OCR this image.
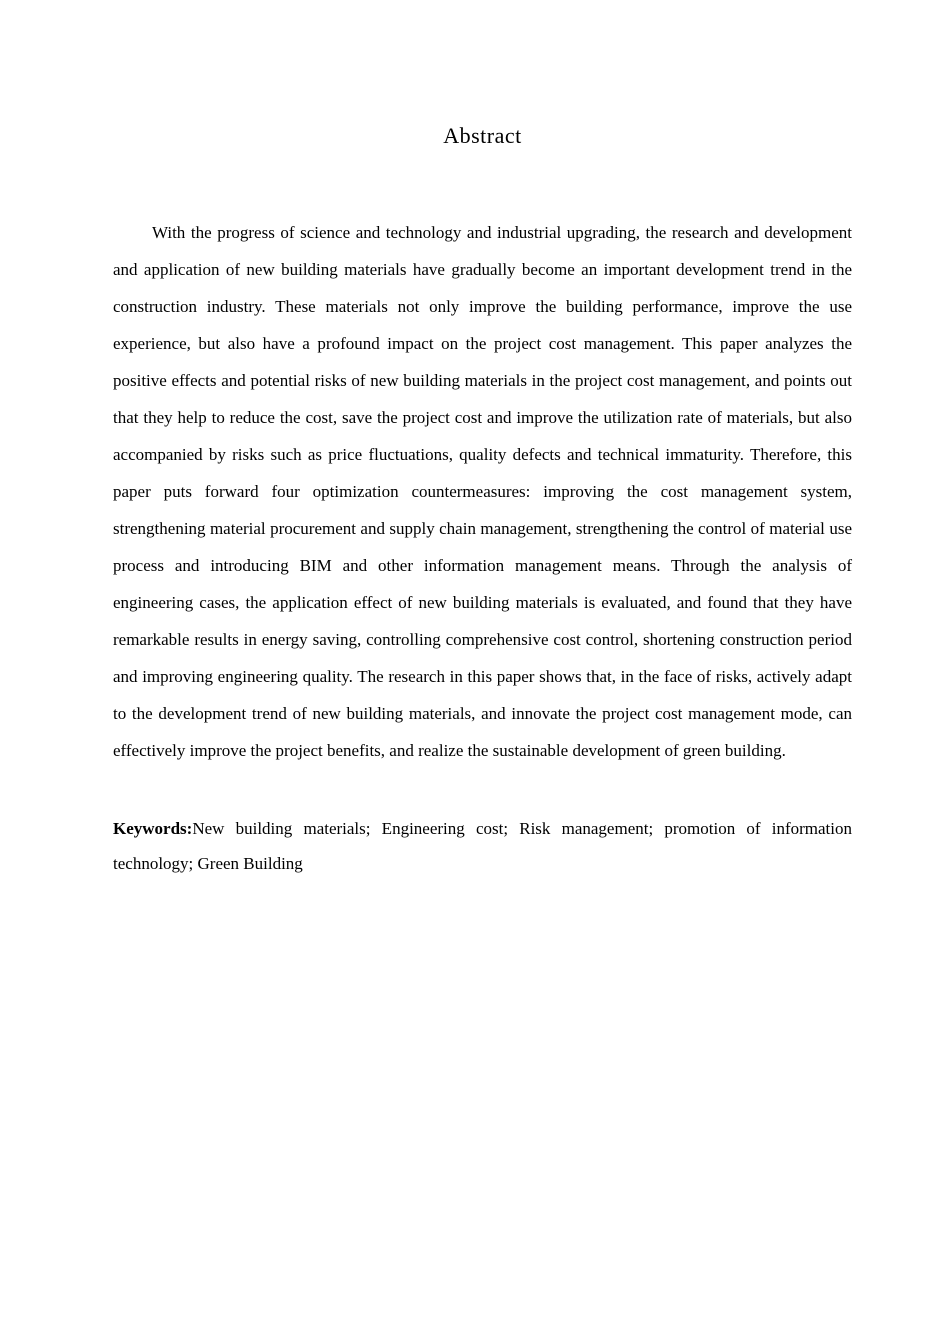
Abstract

With the progress of science and technology and industrial upgrading, the research and development and application of new building materials have gradually become an important development trend in the construction industry. These materials not only improve the building performance, improve the use experience, but also have a profound impact on the project cost management. This paper analyzes the positive effects and potential risks of new building materials in the project cost management, and points out that they help to reduce the cost, save the project cost and improve the utilization rate of materials, but also accompanied by risks such as price fluctuations, quality defects and technical immaturity. Therefore, this paper puts forward four optimization countermeasures: improving the cost management system, strengthening material procurement and supply chain management, strengthening the control of material use process and introducing BIM and other information management means. Through the analysis of engineering cases, the application effect of new building materials is evaluated, and found that they have remarkable results in energy saving, controlling comprehensive cost control, shortening construction period and improving engineering quality. The research in this paper shows that, in the face of risks, actively adapt to the development trend of new building materials, and innovate the project cost management mode, can effectively improve the project benefits, and realize the sustainable development of green building.

Keywords:New building materials; Engineering cost; Risk management; promotion of information technology; Green Building
